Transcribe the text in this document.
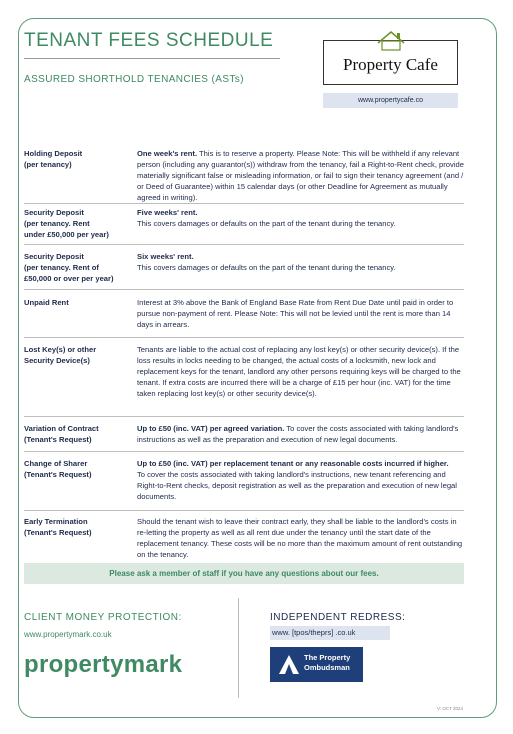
TENANT FEES SCHEDULE
ASSURED SHORTHOLD TENANCIES (ASTs)
Property Cafe
www.propertycafe.co
Holding Deposit
(per tenancy)
One week's rent. This is to reserve a property. Please Note: This will be withheld if any relevant person (including any guarantor(s)) withdraw from the tenancy, fail a Right-to-Rent check, provide materially significant false or misleading information, or fail to sign their tenancy agreement (and / or Deed of Guarantee) within 15 calendar days (or other Deadline for Agreement as mutually agreed in writing).
Security Deposit
(per tenancy. Rent
under £50,000 per year)
Five weeks' rent.
This covers damages or defaults on the part of the tenant during the tenancy.
Security Deposit
(per tenancy. Rent of
£50,000 or over per year)
Six weeks' rent.
This covers damages or defaults on the part of the tenant during the tenancy.
Unpaid Rent	Interest at 3% above the Bank of England Base Rate from Rent Due Date until paid in order to pursue non-payment of rent. Please Note: This will not be levied until the rent is more than 14 days in arrears.
Lost Key(s) or other
Security Device(s)
Tenants are liable to the actual cost of replacing any lost key(s) or other security device(s). If the loss results in locks needing to be changed, the actual costs of a locksmith, new lock and replacement keys for the tenant, landlord any other persons requiring keys will be charged to the tenant. If extra costs are incurred there will be a charge of £15 per hour (inc. VAT) for the time taken replacing lost key(s) or other security device(s).
Variation of Contract
(Tenant's Request)
Up to £50 (inc. VAT) per agreed variation. To cover the costs associated with taking landlord's instructions as well as the preparation and execution of new legal documents.
Change of Sharer
(Tenant's Request)
Up to £50 (inc. VAT) per replacement tenant or any reasonable costs incurred if higher.
To cover the costs associated with taking landlord's instructions, new tenant referencing and Right-to-Rent checks, deposit registration as well as the preparation and execution of new legal documents.
Early Termination
(Tenant's Request)
Should the tenant wish to leave their contract early, they shall be liable to the landlord's costs in re-letting the property as well as all rent due under the tenancy until the start date of the replacement tenancy. These costs will be no more than the maximum amount of rent outstanding on the tenancy.
Please ask a member of staff if you have any questions about our fees.
CLIENT MONEY PROTECTION:
www.propertymark.co.uk
propertymark
INDEPENDENT REDRESS:
www. [tpos/theprs] .co.uk
The Property Ombudsman
V: OCT 2024
